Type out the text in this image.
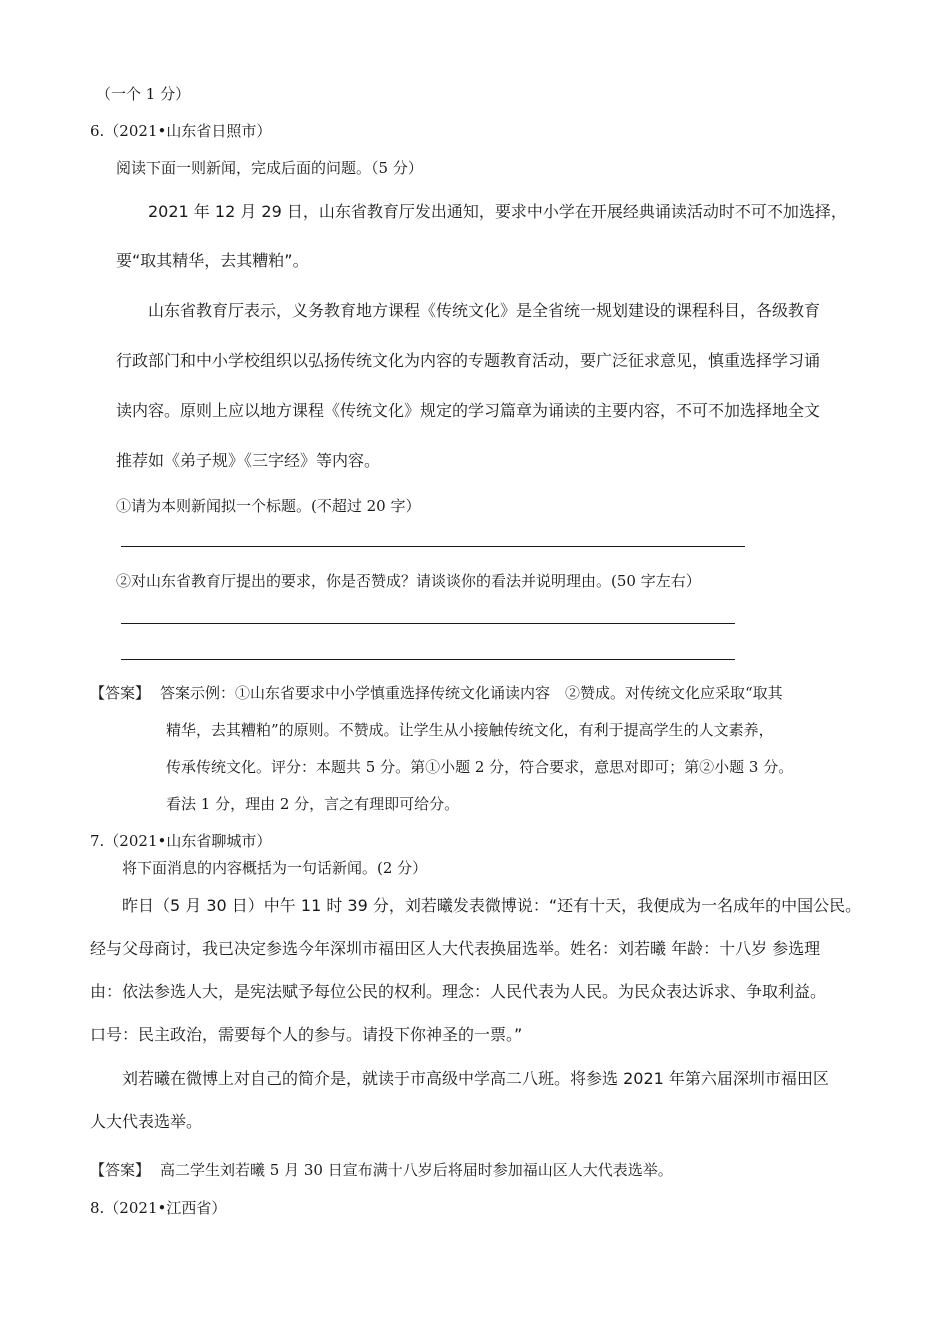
（一个 1 分）
6.（2021•山东省日照市）
阅读下面一则新闻，完成后面的问题。（5 分）
2021 年 12 月 29 日，山东省教育厅发出通知，要求中小学在开展经典诵读活动时不可不加选择，
要“取其精华，去其糟粕”。
山东省教育厅表示，义务教育地方课程《传统文化》是全省统一规划建设的课程科目，各级教育
行政部门和中小学校组织以弘扬传统文化为内容的专题教育活动，要广泛征求意见，慎重选择学习诵
读内容。原则上应以地方课程《传统文化》规定的学习篇章为诵读的主要内容，不可不加选择地全文
推荐如《弟子规》《三字经》等内容。
①请为本则新闻拟一个标题。(不超过 20 字）
②对山东省教育厅提出的要求，你是否赞成？请谈谈你的看法并说明理由。(50 字左右）
【答案】 答案示例：①山东省要求中小学慎重选择传统文化诵读内容　②赞成。对传统文化应采取“取其
精华，去其糟粕”的原则。不赞成。让学生从小接触传统文化，有利于提高学生的人文素养，
传承传统文化。评分：本题共 5 分。第①小题 2 分，符合要求，意思对即可；第②小题 3 分。
看法 1 分，理由 2 分，言之有理即可给分。
7.（2021•山东省聊城市）
将下面消息的内容概括为一句话新闻。(2 分）
昨日（5 月 30 日）中午 11 时 39 分，刘若曦发表微博说：“还有十天，我便成为一名成年的中国公民。
经与父母商讨，我已决定参选今年深圳市福田区人大代表换届选举。姓名：刘若曦 年龄：十八岁 参选理
由：依法参选人大，是宪法赋予每位公民的权利。理念：人民代表为人民。为民众表达诉求、争取利益。
口号：民主政治，需要每个人的参与。请投下你神圣的一票。”
刘若曦在微博上对自己的简介是，就读于市高级中学高二八班。将参选 2021 年第六届深圳市福田区
人大代表选举。
【答案】 高二学生刘若曦 5 月 30 日宣布满十八岁后将届时参加福山区人大代表选举。
8.（2021•江西省）
